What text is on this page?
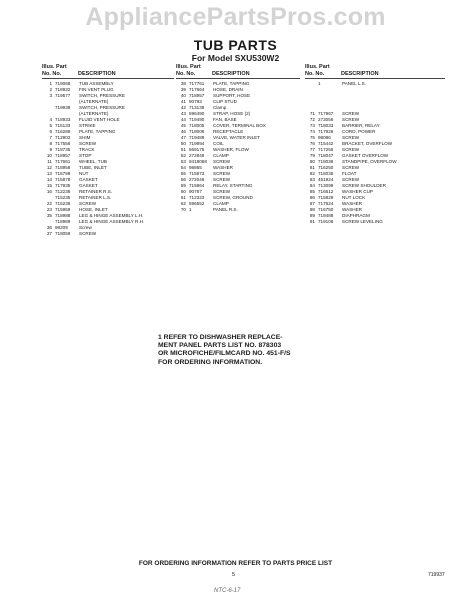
AppliancePartsPros.com
TUB PARTS
For Model SXU530W2
Illus. Part
No. No.	DESCRIPTION
1 719068 TUB ASSEMBLY
2 718932 FIN VENT PLUG
3 719577 SWITCH, PRESSURE
(ALTERNATE)
719938 SWITCH, PRESSURE
(ALTERNATE)
4 718933 FLUID VENT HOLE
5 715133 STRIKE
6 716289 PLATE, TAPPING
7 712902 SHIM
8 717556 SCREW
9 718735 TRACK
10 718957 STOP
11 717661 WHEEL, TUB
12 718958 TUBE, INLET
13 715799 NUT
14 715878 GASKET
15 717935 GASKET
16 712236 RETAINER R.S.
715235 RETAINER L.S.
22 715236 SCREW
23 715959 HOSE, INLET
35 718988 LEG & HINGE ASSEMBLY L.H.
718989 LEG & HINGE ASSEMBLY R.H.
36 98209 Screw
37 718059 SCREW
Illus. Part
No. No.	DESCRIPTION
38 717761 PLATE, TAPPING
39 717664 HOSE, DRAIN
40 718957 SUPPORT, HOSE
41 90793 CLIP STUD
42 713138 Clamp
43 596490 STRAP, HOSE (2)
44 719490 FAN, BASE
45 718005 COVER, TERMINAL BOX
46 718006 RECEPTACLE
47 719489 VALVE, WATER INLET
50 719994 COIL
51 569175 WASHER, FLOW
52 272848 CLAMP
53 9418068 SCREW
54 98865 WASHER
55 715973 SCREW
56 272046 SCREW
59 715864 RELAY, STARTING
60 90767 SCREW
61 712323 SCREW, GROUND
62 596552 CLAMP
70 1	PANEL R.S.
Illus. Part
No. No.	DESCRIPTION
1	PANEL L.S.
71 717967 SCREW
72 273056 SCREW
73 718033 BARRIER, RELAY
74 717926 CORD, POWER
75 98086 SCREW
76 715442 BRACKET, OVERFLOW
77 717256 SCREW
79 718047 GASKET OVERFLOW
80 718036 STANDPIPE, OVERFLOW
81 716250 SCREW
82 718035 FLOAT
83 451924 SCREW
84 713099 SCREW SHOULDER
85 716612 WASHER CUP
86 715829 NUT LOCK
87 717624 WASHER
88 716750 WASHER
89 719488 DIAPHRAGM
91 719106 SCREW LEVELING
1 REFER TO DISHWASHER REPLACE-
MENT PANEL PARTS LIST NO. 878303
OR MICROFICHE/FILMCARD NO. 451-F/S
FOR ORDERING INFORMATION.
FOR ORDERING INFORMATION REFER TO PARTS PRICE LIST
5	719937
NTC-6-17
